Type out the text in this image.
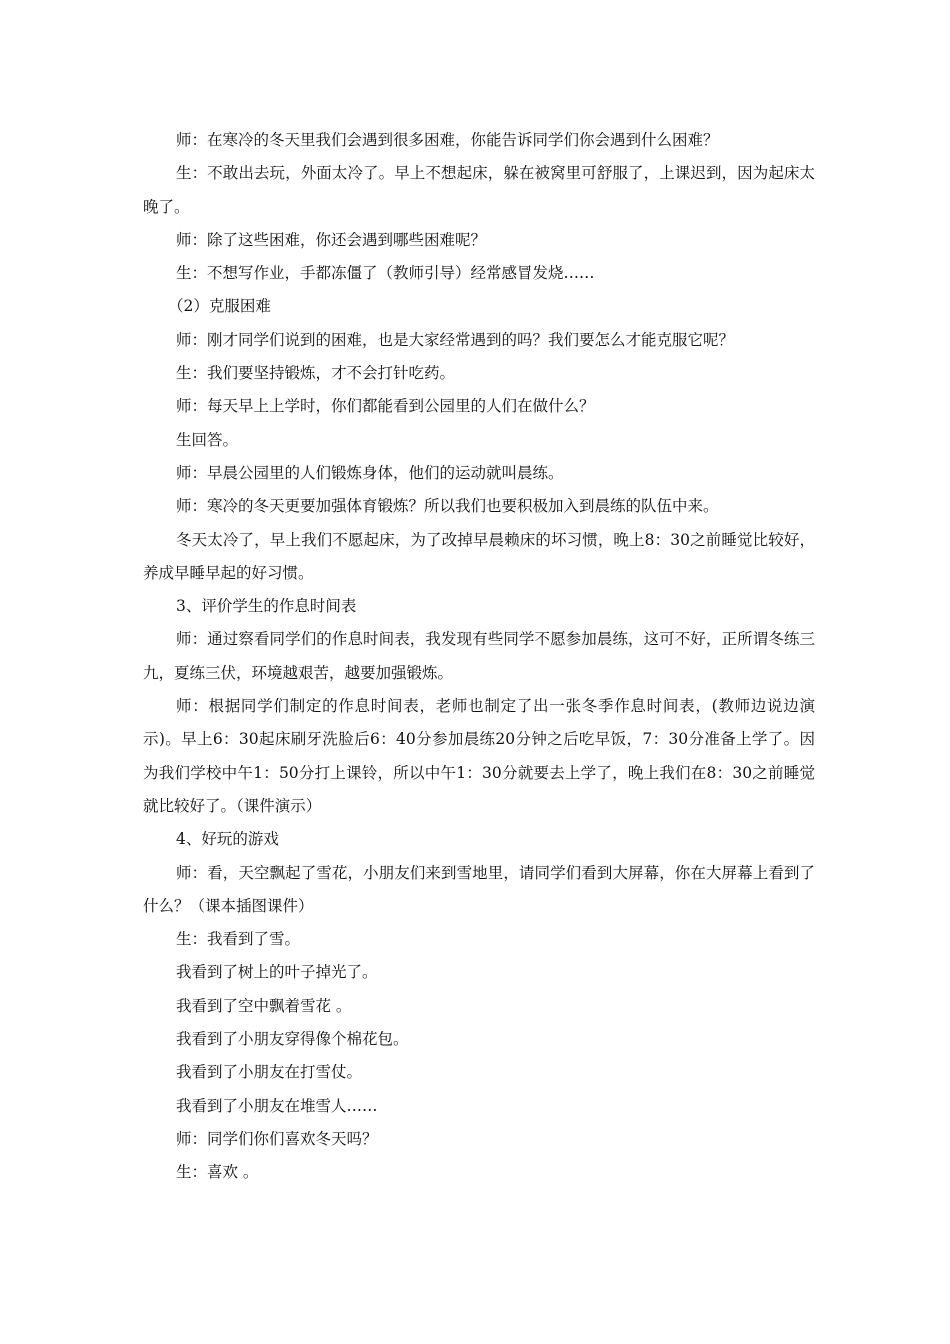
师：在寒冷的冬天里我们会遇到很多困难，你能告诉同学们你会遇到什么困难？

生：不敢出去玩，外面太冷了。早上不想起床，躲在被窝里可舒服了，上课迟到，因为起床太晚了。

师：除了这些困难，你还会遇到哪些困难呢？

生：不想写作业，手都冻僵了（教师引导）经常感冒发烧……

（2）克服困难

师：刚才同学们说到的困难，也是大家经常遇到的吗？我们要怎么才能克服它呢？

生：我们要坚持锻炼，才不会打针吃药。

师：每天早上上学时，你们都能看到公园里的人们在做什么？

生回答。

师：早晨公园里的人们锻炼身体，他们的运动就叫晨练。

师：寒冷的冬天更要加强体育锻炼？所以我们也要积极加入到晨练的队伍中来。

冬天太冷了，早上我们不愿起床，为了改掉早晨赖床的坏习惯，晚上8：30之前睡觉比较好，养成早睡早起的好习惯。

3、评价学生的作息时间表

师：通过察看同学们的作息时间表，我发现有些同学不愿参加晨练，这可不好，正所谓冬练三九，夏练三伏，环境越艰苦，越要加强锻炼。

师：根据同学们制定的作息时间表，老师也制定了出一张冬季作息时间表，(教师边说边演示)。早上6：30起床刷牙洗脸后6：40分参加晨练20分钟之后吃早饭，7：30分准备上学了。因为我们学校中午1：50分打上课铃，所以中午1：30分就要去上学了，晚上我们在8：30之前睡觉就比较好了。（课件演示）

4、好玩的游戏

师：看，天空飘起了雪花，小朋友们来到雪地里，请同学们看到大屏幕，你在大屏幕上看到了什么？（课本插图课件）

生：我看到了雪。

我看到了树上的叶子掉光了。

我看到了空中飘着雪花 。

我看到了小朋友穿得像个棉花包。

我看到了小朋友在打雪仗。

我看到了小朋友在堆雪人……

师：同学们你们喜欢冬天吗？

生：喜欢 。
